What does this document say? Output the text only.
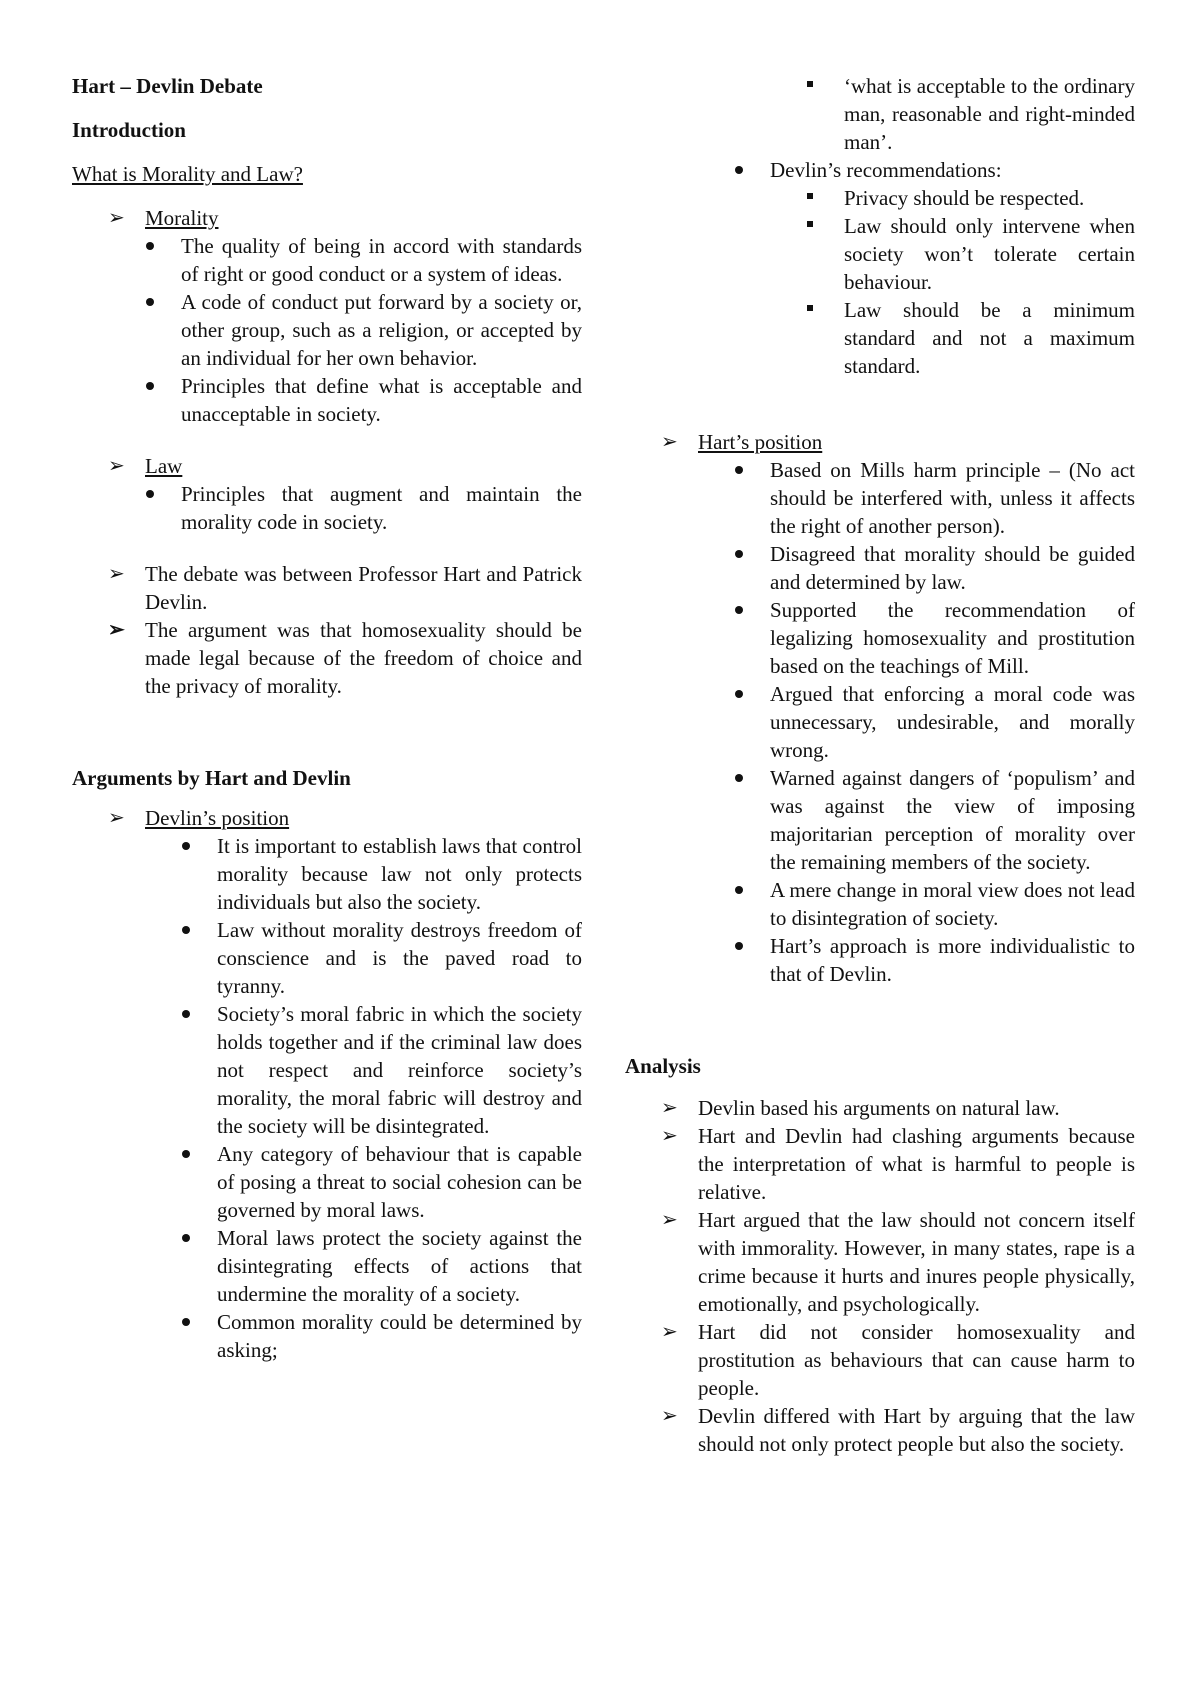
Hart – Devlin Debate
Introduction
What is Morality and Law?
➢ Morality
The quality of being in accord with standards of right or good conduct or a system of ideas.
A code of conduct put forward by a society or, other group, such as a religion, or accepted by an individual for her own behavior.
Principles that define what is acceptable and unacceptable in society.
➢ Law
Principles that augment and maintain the morality code in society.
➢ The debate was between Professor Hart and Patrick Devlin.
➢ The argument was that homosexuality should be made legal because of the freedom of choice and the privacy of morality.
Arguments by Hart and Devlin
➢ Devlin’s position
It is important to establish laws that control morality because law not only protects individuals but also the society.
Law without morality destroys freedom of conscience and is the paved road to tyranny.
Society’s moral fabric in which the society holds together and if the criminal law does not respect and reinforce society’s morality, the moral fabric will destroy and the society will be disintegrated.
Any category of behaviour that is capable of posing a threat to social cohesion can be governed by moral laws.
Moral laws protect the society against the disintegrating effects of actions that undermine the morality of a society.
Common morality could be determined by asking;
‘what is acceptable to the ordinary man, reasonable and right-minded man’.
Devlin’s recommendations:
Privacy should be respected.
Law should only intervene when society won’t tolerate certain behaviour.
Law should be a minimum standard and not a maximum standard.
➢ Hart’s position
Based on Mills harm principle – (No act should be interfered with, unless it affects the right of another person).
Disagreed that morality should be guided and determined by law.
Supported the recommendation of legalizing homosexuality and prostitution based on the teachings of Mill.
Argued that enforcing a moral code was unnecessary, undesirable, and morally wrong.
Warned against dangers of ‘populism’ and was against the view of imposing majoritarian perception of morality over the remaining members of the society.
A mere change in moral view does not lead to disintegration of society.
Hart’s approach is more individualistic to that of Devlin.
Analysis
➢ Devlin based his arguments on natural law.
➢ Hart and Devlin had clashing arguments because the interpretation of what is harmful to people is relative.
➢ Hart argued that the law should not concern itself with immorality. However, in many states, rape is a crime because it hurts and inures people physically, emotionally, and psychologically.
➢ Hart did not consider homosexuality and prostitution as behaviours that can cause harm to people.
➢ Devlin differed with Hart by arguing that the law should not only protect people but also the society.
